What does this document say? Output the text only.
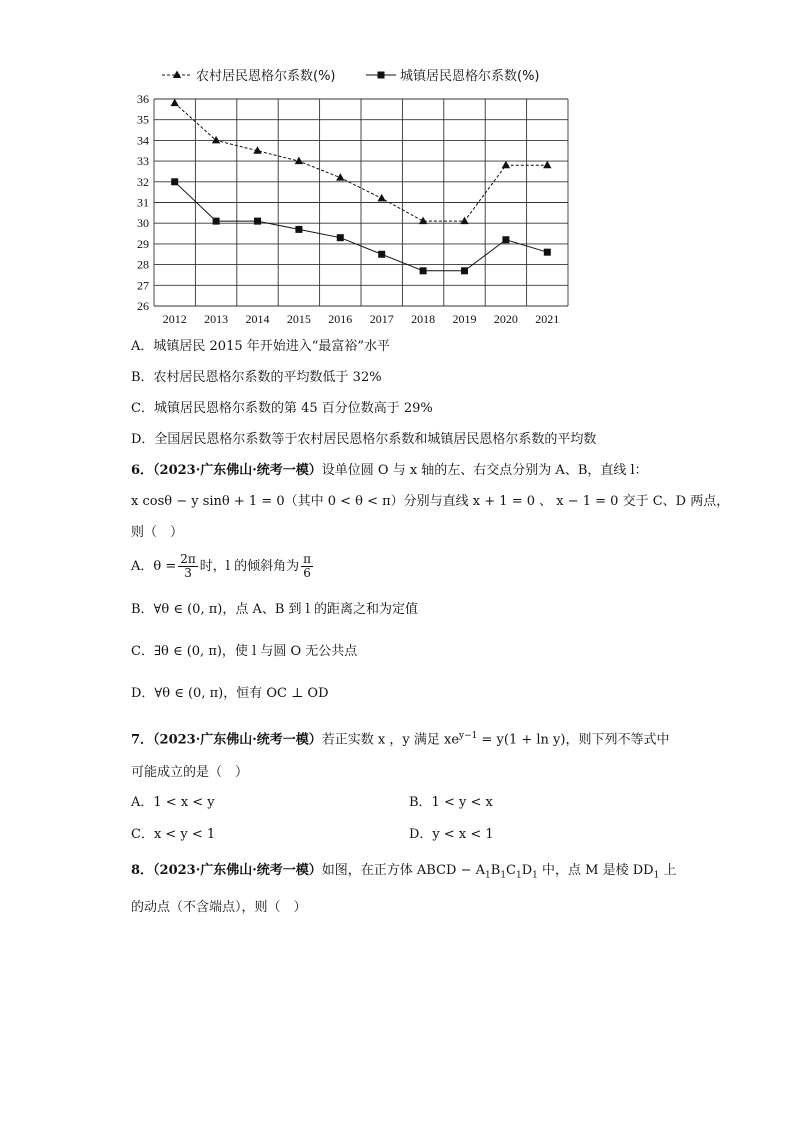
农村居民恩格尔系数(%)	城镇居民恩格尔系数(%)
26
27
28
29
30
31
32
33
34
35
36
2012 2013 2014 2015 2016 2017 2018 2019 2020 2021
A．城镇居民 2015 年开始进入“最富裕”水平
B．农村居民恩格尔系数的平均数低于 32%
C．城镇居民恩格尔系数的第 45 百分位数高于 29%
D．全国居民恩格尔系数等于农村居民恩格尔系数和城镇居民恩格尔系数的平均数
6．（2023·广东佛山·统考一模）设单位圆 O 与 x 轴的左、右交点分别为 A、B，直线 l：
x cosθ − y sinθ + 1 = 0（其中 0 < θ < π）分别与直线 x + 1 = 0 、 x − 1 = 0 交于 C、D 两点，
则（　）
A．$\theta = \frac{2\pi}{3}$ 时，l 的倾斜角为 $\frac{\pi}{6}$
B．∀θ ∈ (0, π)，点 A、B 到 l 的距离之和为定值
C．∃θ ∈ (0, π)，使 l 与圆 O 无公共点
D．∀θ ∈ (0, π)，恒有 OC ⊥ OD
7．（2023·广东佛山·统考一模）若正实数 x ，y 满足 $xe^{y-1} = y(1 + \ln y)$，则下列不等式中
可能成立的是（　）
A．1 < x < y	B．1 < y < x
C．x < y < 1	D．y < x < 1
8．（2023·广东佛山·统考一模）如图，在正方体 ABCD − $A_1B_1C_1D_1$ 中，点 M 是棱 $DD_1$ 上
的动点（不含端点），则（　）
